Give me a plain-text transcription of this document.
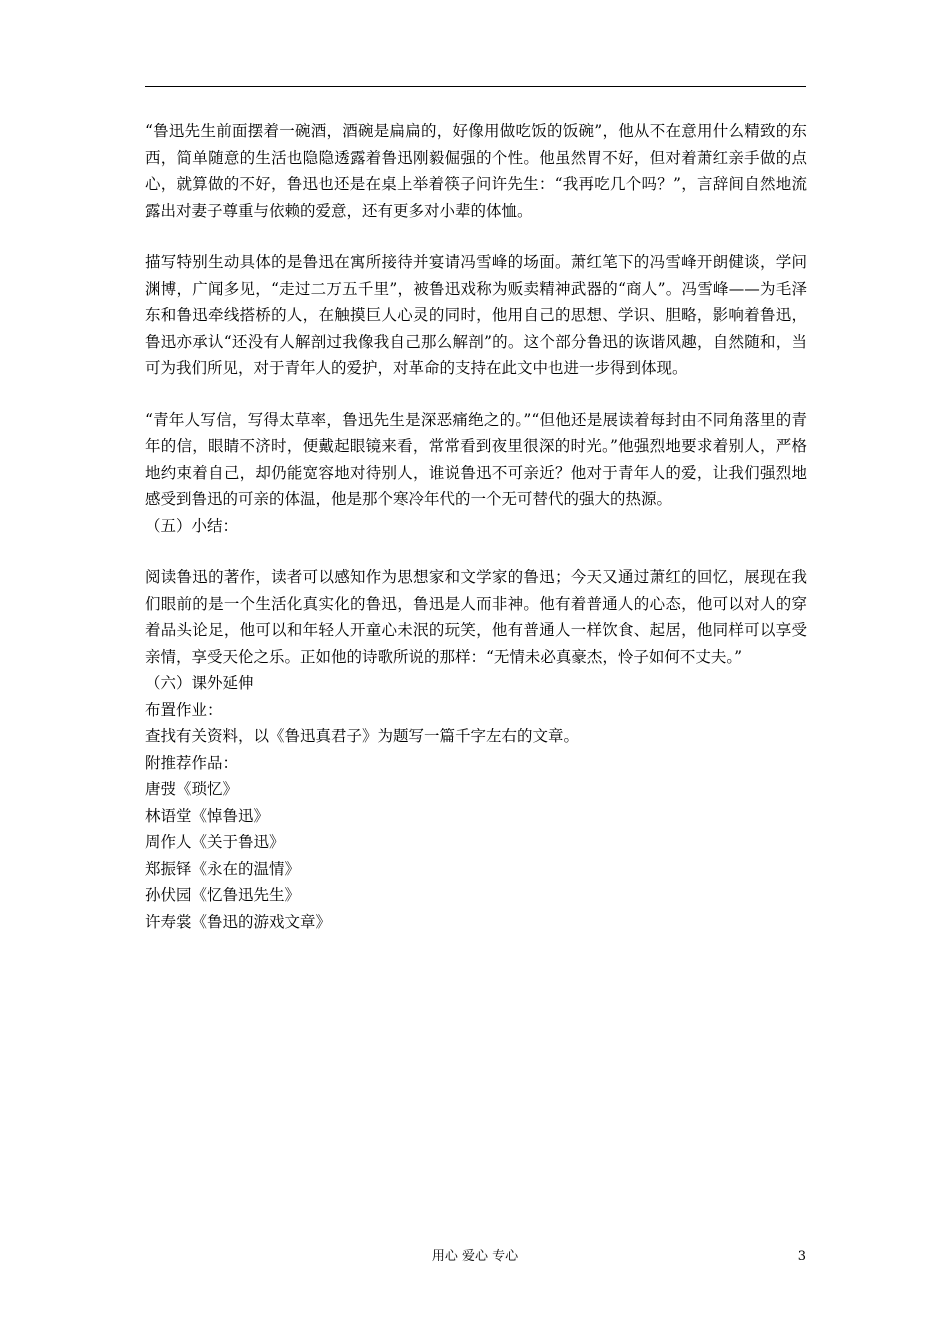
“鲁迅先生前面摆着一碗酒，酒碗是扁扁的，好像用做吃饭的饭碗”，他从不在意用什么精致的东西，简单随意的生活也隐隐透露着鲁迅刚毅倔强的个性。他虽然胃不好，但对着萧红亲手做的点心，就算做的不好，鲁迅也还是在桌上举着筷子问许先生：“我再吃几个吗？”，言辞间自然地流露出对妻子尊重与依赖的爱意，还有更多对小辈的体恤。

描写特别生动具体的是鲁迅在寓所接待并宴请冯雪峰的场面。萧红笔下的冯雪峰开朗健谈，学问渊博，广闻多见，“走过二万五千里”，被鲁迅戏称为贩卖精神武器的“商人”。冯雪峰——为毛泽东和鲁迅牵线搭桥的人，在触摸巨人心灵的同时，他用自己的思想、学识、胆略，影响着鲁迅，鲁迅亦承认“还没有人解剖过我像我自己那么解剖”的。这个部分鲁迅的诙谐风趣，自然随和，当可为我们所见，对于青年人的爱护，对革命的支持在此文中也进一步得到体现。

“青年人写信，写得太草率，鲁迅先生是深恶痛绝之的。”“但他还是展读着每封由不同角落里的青年的信，眼睛不济时，便戴起眼镜来看，常常看到夜里很深的时光。”他强烈地要求着别人，严格地约束着自己，却仍能宽容地对待别人，谁说鲁迅不可亲近？他对于青年人的爱，让我们强烈地感受到鲁迅的可亲的体温，他是那个寒冷年代的一个无可替代的强大的热源。

（五）小结：

阅读鲁迅的著作，读者可以感知作为思想家和文学家的鲁迅；今天又通过萧红的回忆，展现在我们眼前的是一个生活化真实化的鲁迅，鲁迅是人而非神。他有着普通人的心态，他可以对人的穿着品头论足，他可以和年轻人开童心未泯的玩笑，他有普通人一样饮食、起居，他同样可以享受亲情，享受天伦之乐。正如他的诗歌所说的那样：“无情未必真豪杰，怜子如何不丈夫。”

（六）课外延伸

布置作业：

查找有关资料，以《鲁迅真君子》为题写一篇千字左右的文章。

附推荐作品：

唐弢《琐忆》

林语堂《悼鲁迅》

周作人《关于鲁迅》

郑振铎《永在的温情》

孙伏园《忆鲁迅先生》

许寿裳《鲁迅的游戏文章》

用心 爱心 专心	3
